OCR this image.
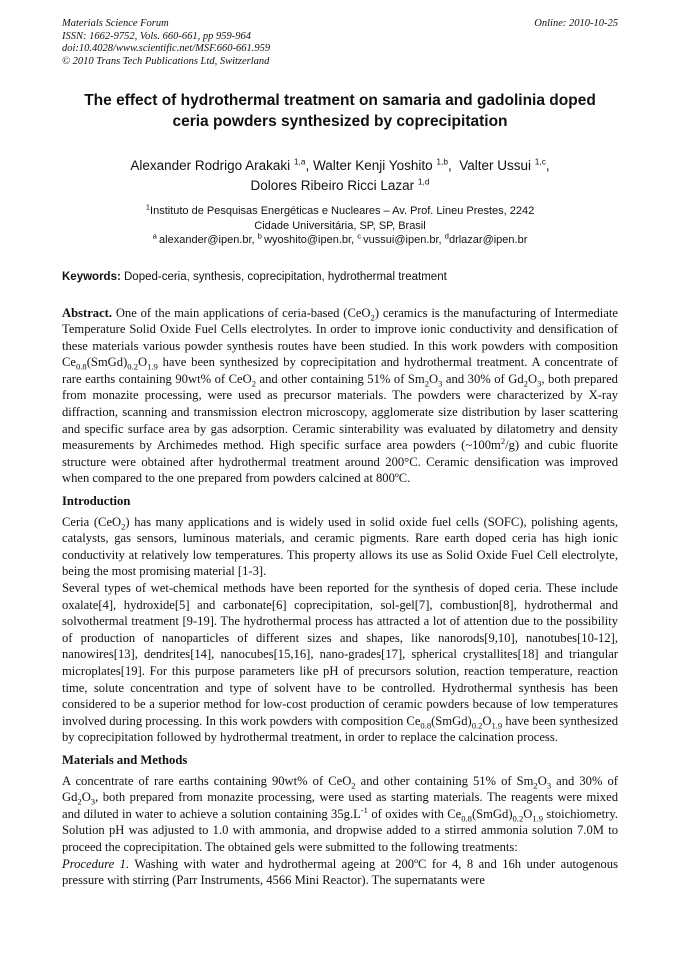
Materials Science Forum
ISSN: 1662-9752, Vols. 660-661, pp 959-964
doi:10.4028/www.scientific.net/MSF.660-661.959
© 2010 Trans Tech Publications Ltd, Switzerland
Online: 2010-10-25
The effect of hydrothermal treatment on samaria and gadolinia doped
ceria powders synthesized by coprecipitation
Alexander Rodrigo Arakaki $^{1,a}$, Walter Kenji Yoshito $^{1,b}$,  Valter Ussui $^{1,c}$,
Dolores Ribeiro Ricci Lazar $^{1,d}$
$^1$Instituto de Pesquisas Energéticas e Nucleares – Av. Prof. Lineu Prestes, 2242
Cidade Universitária, SP, SP, Brasil
$^a$ alexander@ipen.br, $^b$ wyoshito@ipen.br, $^c$ vussui@ipen.br, $^d$drlazar@ipen.br
Keywords: Doped-ceria, synthesis, coprecipitation, hydrothermal treatment

Abstract. One of the main applications of ceria-based (CeO$_2$) ceramics is the manufacturing of Intermediate Temperature Solid Oxide Fuel Cells electrolytes. In order to improve ionic conductivity and densification of these materials various powder synthesis routes have been studied. In this work powders with composition $Ce_{0.8}(SmGd)_{0.2}O_{1.9}$ have been synthesized by coprecipitation and hydrothermal treatment. A concentrate of rare earths containing 90wt% of CeO$_2$ and other containing 51% of $Sm_2O_3$ and 30% of $Gd_2O_3$, both prepared from monazite processing, were used as precursor materials. The powders were characterized by X-ray diffraction, scanning and transmission electron microscopy, agglomerate size distribution by laser scattering and specific surface area by gas adsorption. Ceramic sinterability was evaluated by dilatometry and density measurements by Archimedes method. High specific surface area powders $(\sim 100m^2/g)$ and cubic fluorite structure were obtained after hydrothermal treatment around 200°C. Ceramic densification was improved when compared to the one prepared from powders calcined at 800ºC.

Introduction

Ceria (CeO$_2$) has many applications and is widely used in solid oxide fuel cells (SOFC), polishing agents, catalysts, gas sensors, luminous materials, and ceramic pigments. Rare earth doped ceria has high ionic conductivity at relatively low temperatures. This property allows its use as Solid Oxide Fuel Cell electrolyte, being the most promising material [1-3].

Several types of wet-chemical methods have been reported for the synthesis of doped ceria. These include oxalate[4], hydroxide[5] and carbonate[6] coprecipitation, sol-gel[7], combustion[8], hydrothermal and solvothermal treatment [9-19]. The hydrothermal process has attracted a lot of attention due to the possibility of production of nanoparticles of different sizes and shapes, like nanorods[9,10], nanotubes[10-12], nanowires[13], dendrites[14], nanocubes[15,16], nano-grades[17], spherical crystallites[18] and triangular microplates[19]. For this purpose parameters like pH of precursors solution, reaction temperature, reaction time, solute concentration and type of solvent have to be controlled. Hydrothermal synthesis has been considered to be a superior method for low-cost production of ceramic powders because of low temperatures involved during processing. In this work powders with composition $Ce_{0.8}(SmGd)_{0.2}O_{1.9}$ have been synthesized by coprecipitation followed by hydrothermal treatment, in order to replace the calcination process.

Materials and Methods

A concentrate of rare earths containing 90wt% of CeO$_2$ and other containing 51% of $Sm_2O_3$ and 30% of $Gd_2O_3$, both prepared from monazite processing, were used as starting materials. The reagents were mixed and diluted in water to achieve a solution containing $35g.L^{-1}$ of oxides with $Ce_{0.8}(SmGd)_{0.2}O_{1.9}$ stoichiometry. Solution pH was adjusted to 1.0 with ammonia, and dropwise added to a stirred ammonia solution 7.0M to proceed the coprecipitation. The obtained gels were submitted to the following treatments:

Procedure 1. Washing with water and hydrothermal ageing at 200ºC for 4, 8 and 16h under autogenous pressure with stirring (Parr Instruments, 4566 Mini Reactor). The supernatants were
